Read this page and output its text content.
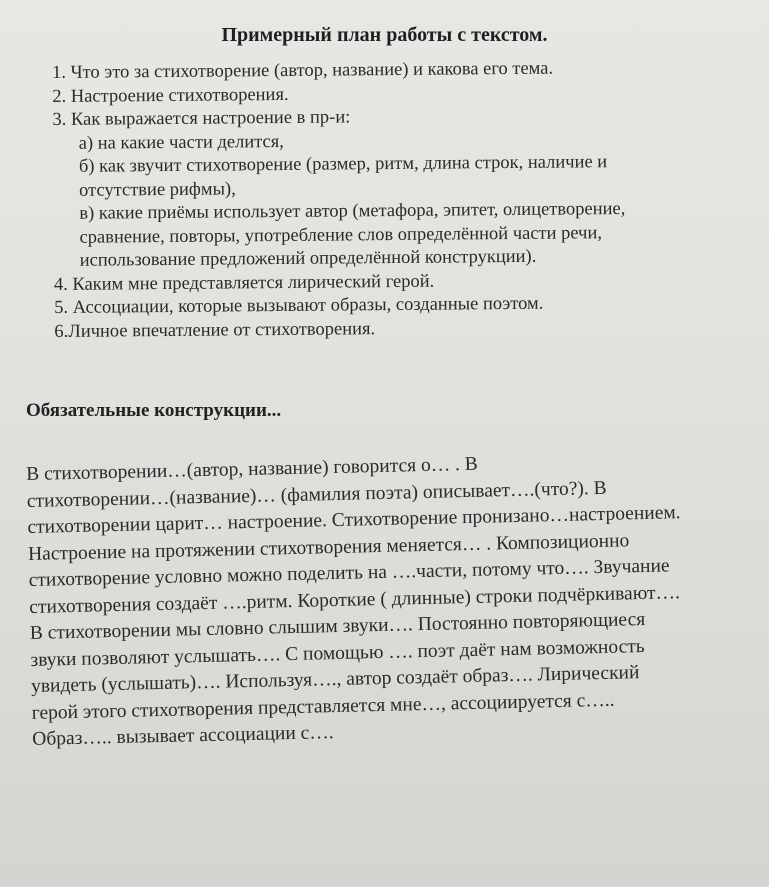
Примерный план работы с текстом.
1. Что это за стихотворение (автор, название) и какова его тема.
2. Настроение стихотворения.
3. Как выражается настроение в пр-и:
а) на какие части делится,
б) как звучит стихотворение (размер, ритм, длина строк, наличие и
отсутствие рифмы),
в) какие приёмы использует автор (метафора, эпитет, олицетворение,
сравнение, повторы, употребление слов определённой части речи,
использование предложений определённой конструкции).
4. Каким мне представляется лирический герой.
5. Ассоциации, которые вызывают образы, созданные поэтом.
6.Личное впечатление от стихотворения.
Обязательные конструкции...
В стихотворении…(автор, название) говорится о… . В
стихотворении…(название)… (фамилия поэта) описывает….(что?). В
стихотворении царит… настроение. Стихотворение пронизано…настроением.
Настроение на протяжении стихотворения меняется… . Композиционно
стихотворение условно можно поделить на ….части, потому что…. Звучание
стихотворения создаёт ….ритм. Короткие ( длинные) строки подчёркивают….
В стихотворении мы словно слышим звуки…. Постоянно повторяющиеся
звуки позволяют услышать…. С помощью …. поэт даёт нам возможность
увидеть (услышать)…. Используя…., автор создаёт образ…. Лирический
герой этого стихотворения представляется мне…, ассоциируется с…..
Образ….. вызывает ассоциации с….
